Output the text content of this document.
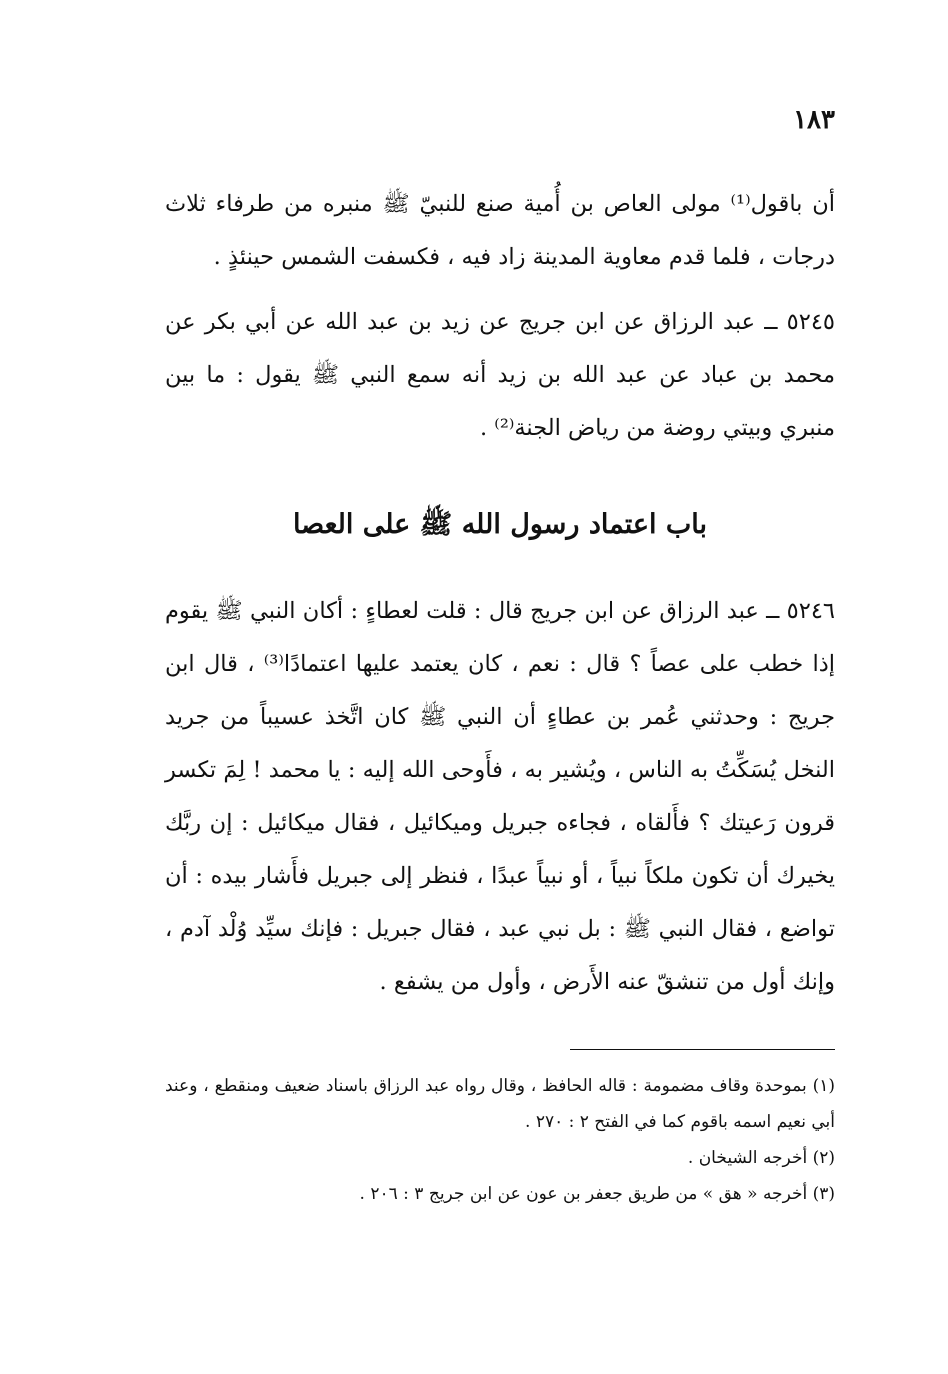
١٨٣

أن باقول⁽¹⁾ مولى العاص بن أُمية صنع للنبيّ ﷺ منبره من طرفاء ثلاث درجات ، فلما قدم معاوية المدينة زاد فيه ، فكسفت الشمس حينئذٍ .

٥٢٤٥ ــ عبد الرزاق عن ابن جريج عن زيد بن عبد الله عن أبي بكر عن محمد بن عباد عن عبد الله بن زيد أنه سمع النبي ﷺ يقول : ما بين منبري وبيتي روضة من رياض الجنة⁽²⁾ .

باب اعتماد رسول الله ﷺ على العصا

٥٢٤٦ ــ عبد الرزاق عن ابن جريج قال : قلت لعطاءٍ : أكان النبي ﷺ يقوم إذا خطب على عصاً ؟ قال : نعم ، كان يعتمد عليها اعتمادًا⁽³⁾ ، قال ابن جريج : وحدثني عُمر بن عطاءٍ أن النبي ﷺ كان اتَّخذ عسيباً من جريد النخل يُسَكِّتُ به الناس ، ويُشير به ، فأَوحى الله إليه : يا محمد ! لِمَ تكسر قرون رَعيتك ؟ فأَلقاه ، فجاءه جبريل وميكائيل ، فقال ميكائيل : إن ربَّك يخيرك أن تكون ملكاً نبياً ، أو نبياً عبدًا ، فنظر إلى جبريل فأَشار بيده : أن تواضع ، فقال النبي ﷺ : بل نبي عبد ، فقال جبريل : فإنك سيِّد وُلْد آدم ، وإنك أول من تنشقّ عنه الأَرض ، وأول من يشفع .

(١) بموحدة وقاف مضمومة : قاله الحافظ ، وقال رواه عبد الرزاق باسناد ضعيف ومنقطع ، وعند أبي نعيم اسمه باقوم كما في الفتح ٢ : ٢٧٠ .

(٢) أخرجه الشيخان .

(٣) أخرجه « هق » من طريق جعفر بن عون عن ابن جريج ٣ : ٢٠٦ .
